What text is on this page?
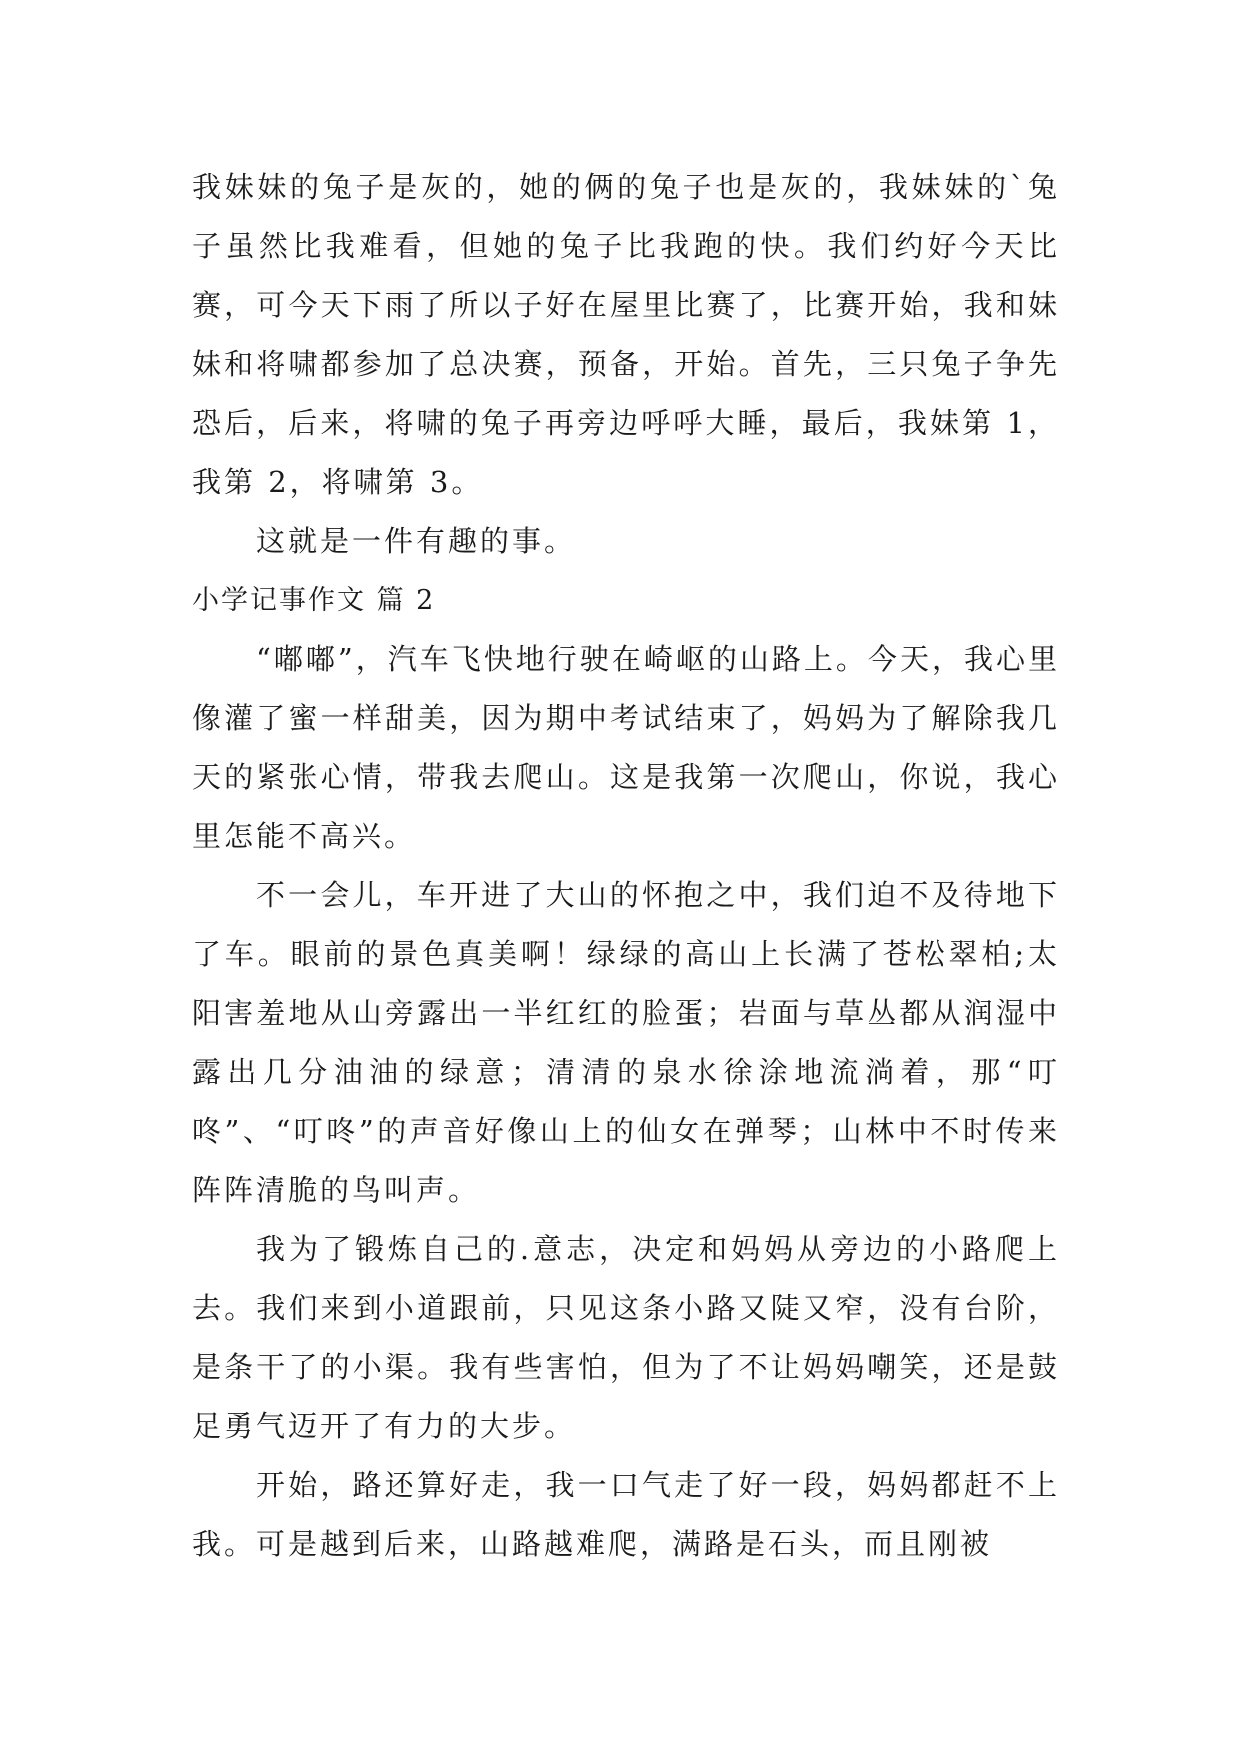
我妹妹的兔子是灰的，她的俩的兔子也是灰的，我妹妹的`兔子虽然比我难看，但她的兔子比我跑的快。我们约好今天比赛，可今天下雨了所以子好在屋里比赛了，比赛开始，我和妹妹和将啸都参加了总决赛，预备，开始。首先，三只兔子争先恐后，后来，将啸的兔子再旁边呼呼大睡，最后，我妹第 1，我第 2，将啸第 3。

这就是一件有趣的事。

小学记事作文 篇 2

“嘟嘟”，汽车飞快地行驶在崎岖的山路上。今天，我心里像灌了蜜一样甜美，因为期中考试结束了，妈妈为了解除我几天的紧张心情，带我去爬山。这是我第一次爬山，你说，我心里怎能不高兴。

不一会儿，车开进了大山的怀抱之中，我们迫不及待地下了车。眼前的景色真美啊！绿绿的高山上长满了苍松翠柏;太阳害羞地从山旁露出一半红红的脸蛋；岩面与草丛都从润湿中露出几分油油的绿意；清清的泉水徐涂地流淌着，那“叮咚”、“叮咚”的声音好像山上的仙女在弹琴；山林中不时传来阵阵清脆的鸟叫声。

我为了锻炼自己的.意志，决定和妈妈从旁边的小路爬上去。我们来到小道跟前，只见这条小路又陡又窄，没有台阶，是条干了的小渠。我有些害怕，但为了不让妈妈嘲笑，还是鼓足勇气迈开了有力的大步。

开始，路还算好走，我一口气走了好一段，妈妈都赶不上我。可是越到后来，山路越难爬，满路是石头，而且刚被
